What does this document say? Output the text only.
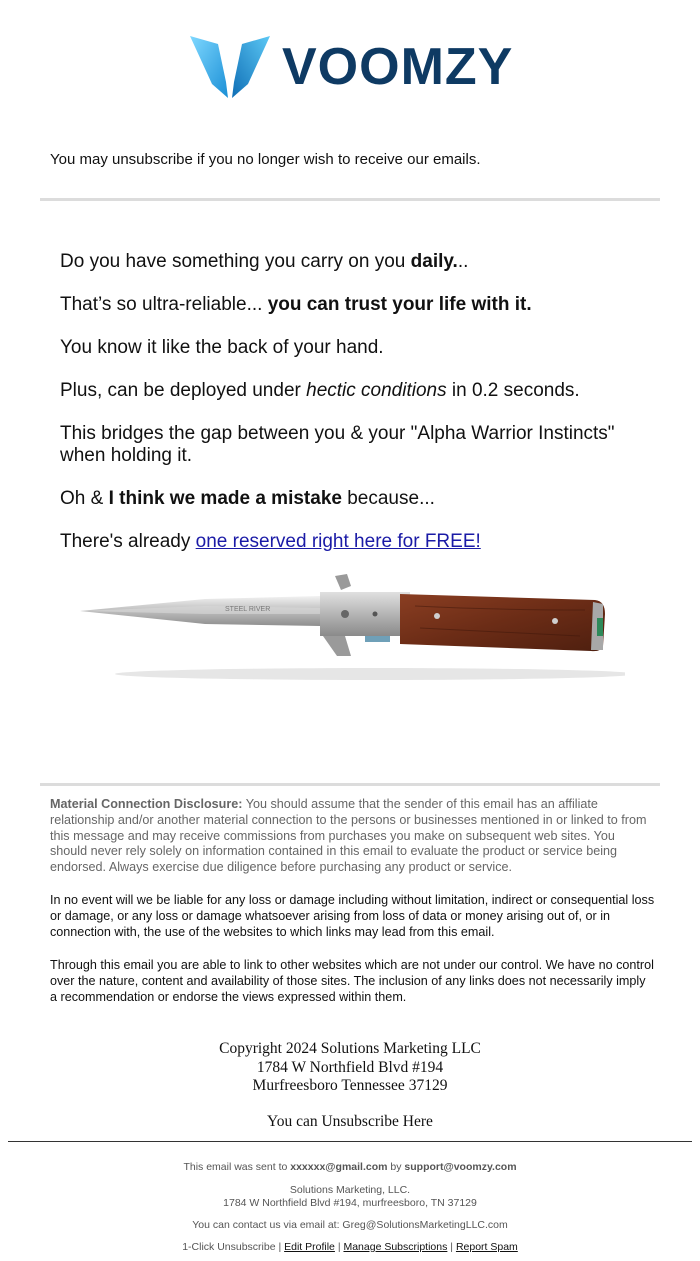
VOOMZY
You may unsubscribe if you no longer wish to receive our emails.

Do you have something you carry on you daily...

That’s so ultra-reliable... you can trust your life with it.

You know it like the back of your hand.

Plus, can be deployed under hectic conditions in 0.2 seconds.

This bridges the gap between you & your "Alpha Warrior Instincts" when holding it.

Oh & I think we made a mistake because...

There's already one reserved right here for FREE!

STEEL RIVER

Material Connection Disclosure: You should assume that the sender of this email has an affiliate relationship and/or another material connection to the persons or businesses mentioned in or linked to from this message and may receive commissions from purchases you make on subsequent web sites. You should never rely solely on information contained in this email to evaluate the product or service being endorsed. Always exercise due diligence before purchasing any product or service.

In no event will we be liable for any loss or damage including without limitation, indirect or consequential loss or damage, or any loss or damage whatsoever arising from loss of data or money arising out of, or in connection with, the use of the websites to which links may lead from this email.

Through this email you are able to link to other websites which are not under our control. We have no control over the nature, content and availability of those sites. The inclusion of any links does not necessarily imply a recommendation or endorse the views expressed within them.

Copyright 2024 Solutions Marketing LLC
1784 W Northfield Blvd #194
Murfreesboro Tennessee 37129
You can Unsubscribe Here
This email was sent to xxxxxx@gmail.com by support@voomzy.com
Solutions Marketing, LLC.
1784 W Northfield Blvd #194, murfreesboro, TN 37129
You can contact us via email at: Greg@SolutionsMarketingLLC.com
1-Click Unsubscribe | Edit Profile | Manage Subscriptions | Report Spam
